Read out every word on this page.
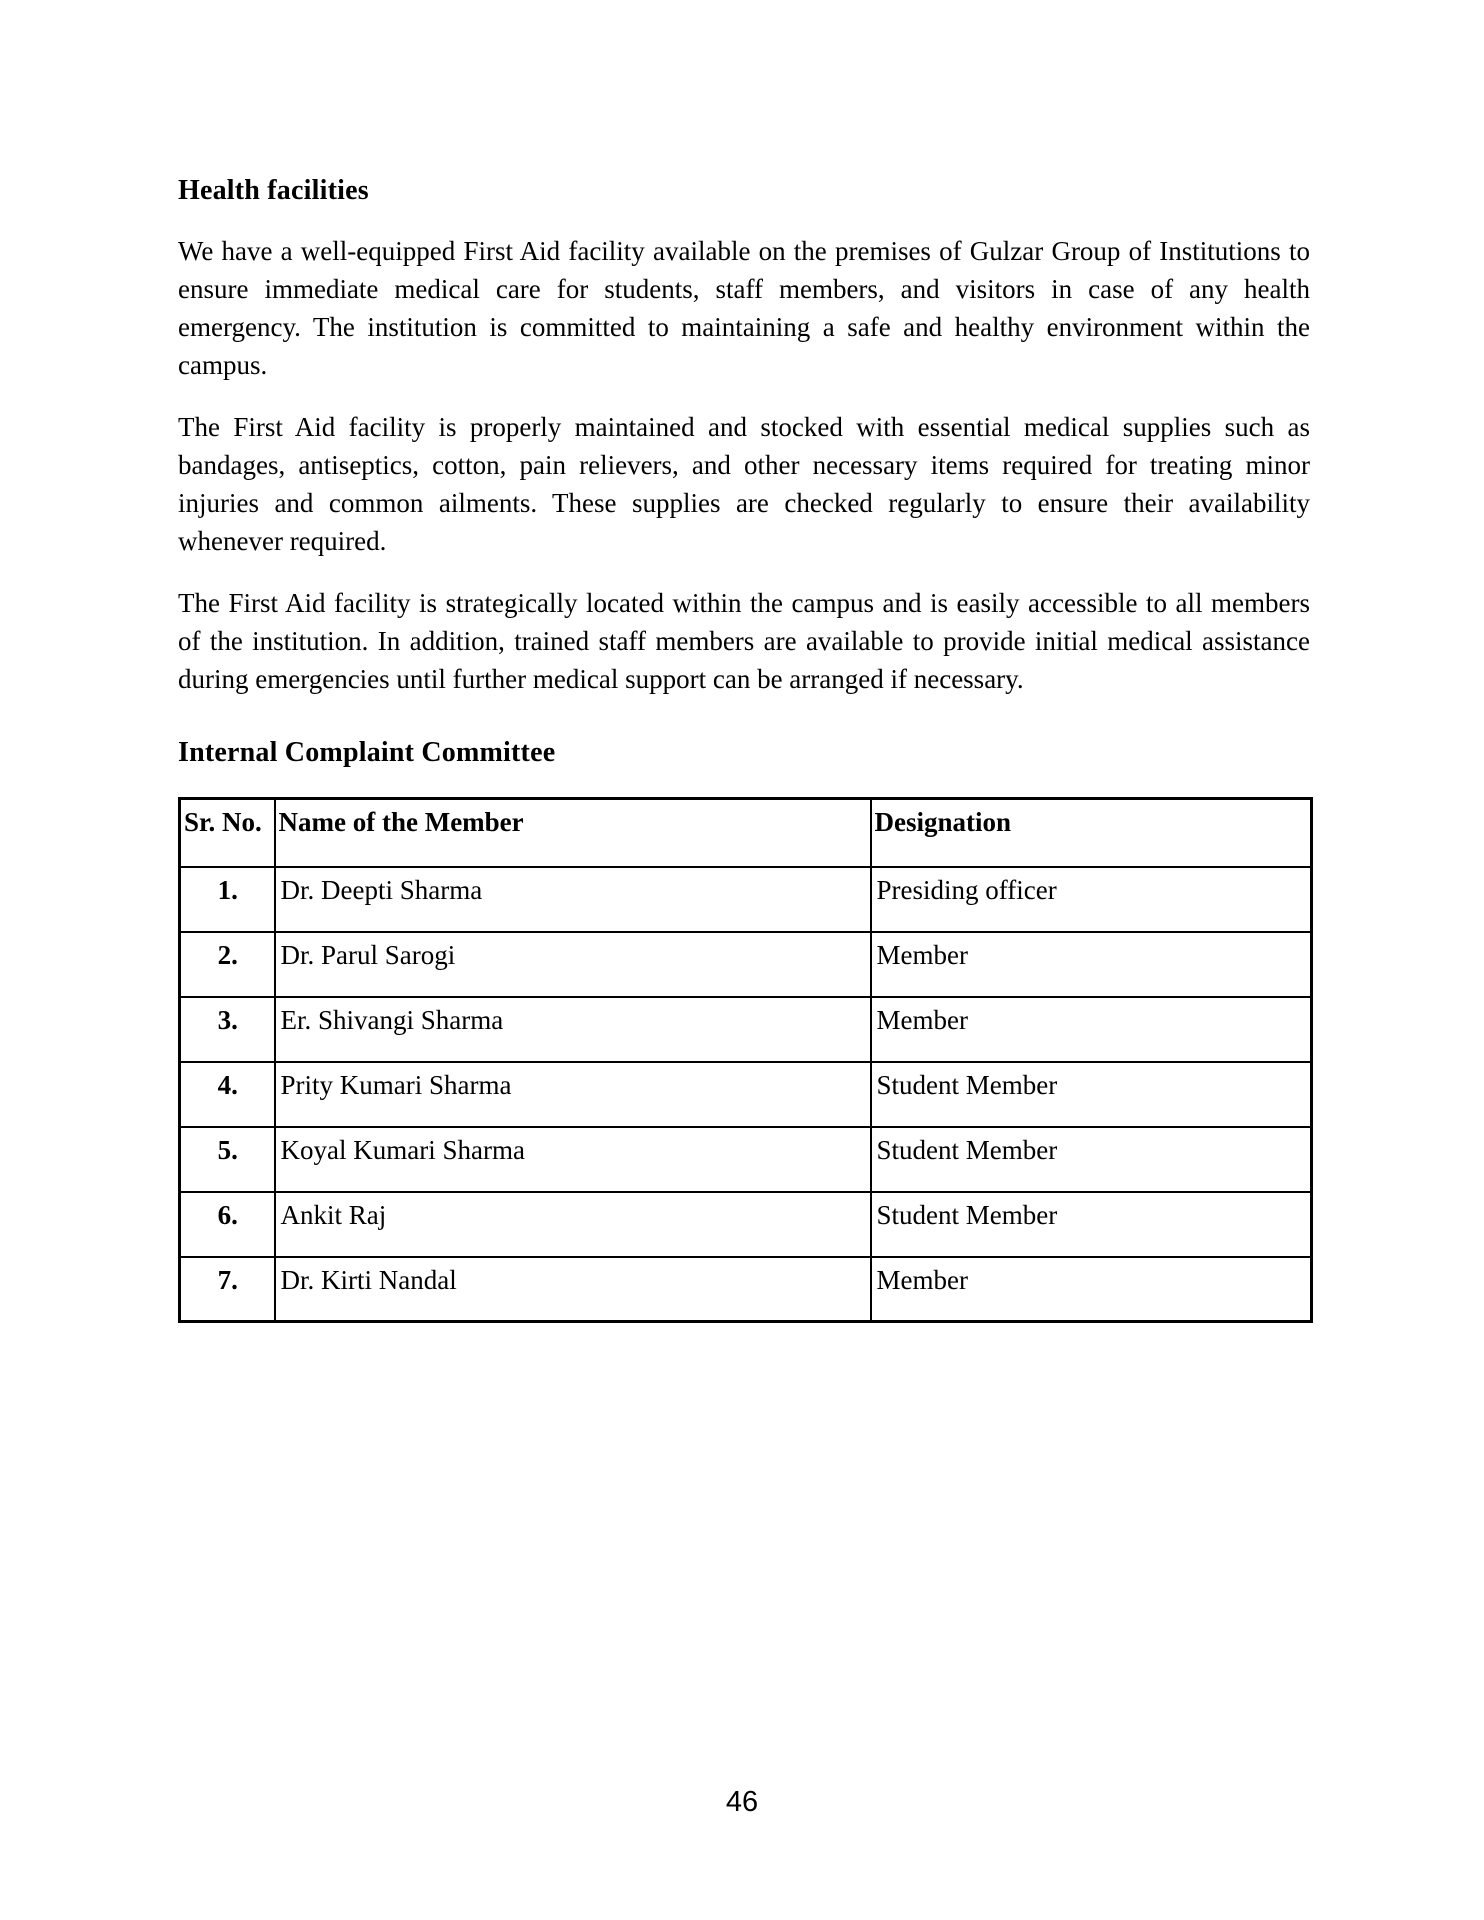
Health facilities

We have a well-equipped First Aid facility available on the premises of Gulzar Group of Institutions to ensure immediate medical care for students, staff members, and visitors in case of any health emergency. The institution is committed to maintaining a safe and healthy environment within the campus.

The First Aid facility is properly maintained and stocked with essential medical supplies such as bandages, antiseptics, cotton, pain relievers, and other necessary items required for treating minor injuries and common ailments. These supplies are checked regularly to ensure their availability whenever required.

The First Aid facility is strategically located within the campus and is easily accessible to all members of the institution. In addition, trained staff members are available to provide initial medical assistance during emergencies until further medical support can be arranged if necessary.

Internal Complaint Committee
Sr. No.	Name of the Member	Designation
1.	Dr. Deepti Sharma	Presiding officer
2.	Dr. Parul Sarogi	Member
3.	Er. Shivangi Sharma	Member
4.	Prity Kumari Sharma	Student Member
5.	Koyal Kumari Sharma	Student Member
6.	Ankit Raj	Student Member
7.	Dr. Kirti Nandal	Member
46
